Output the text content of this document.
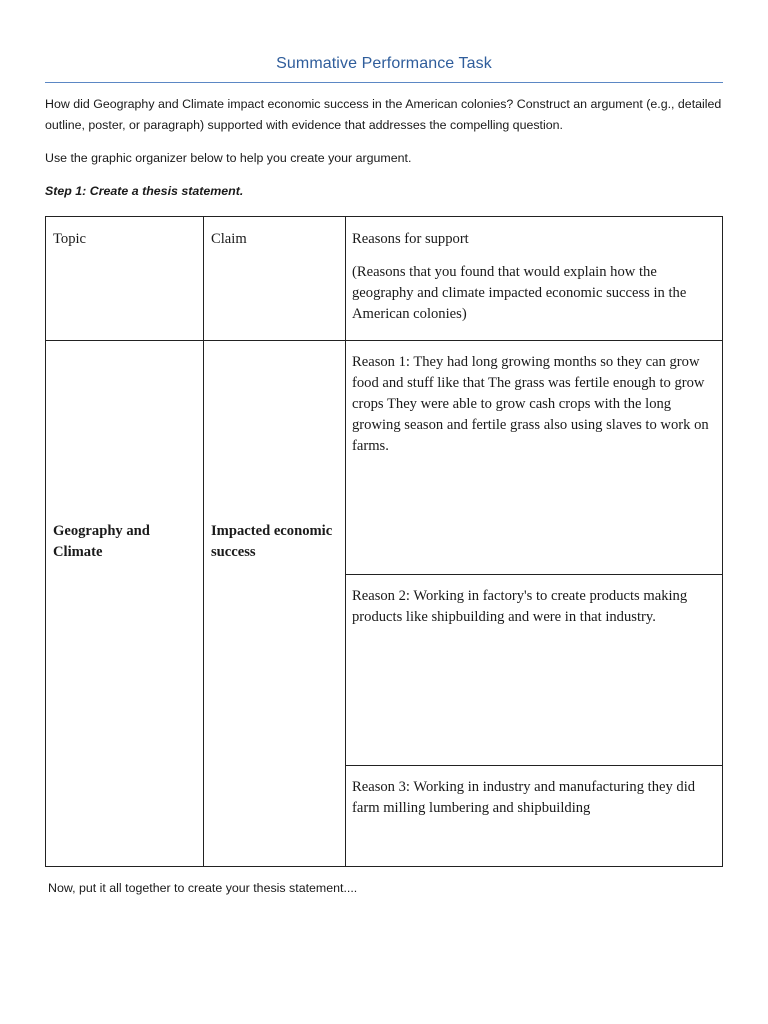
Summative Performance Task

How did Geography and Climate impact economic success in the American colonies? Construct an argument (e.g., detailed outline, poster, or paragraph) supported with evidence that addresses the compelling question.

Use the graphic organizer below to help you create your argument.

Step 1: Create a thesis statement.

Topic	Claim	Reasons for support

(Reasons that you found that would explain how the geography and climate impacted economic success in the American colonies)

Geography and Climate

Impacted economic success

Reason 1: They had long growing months so they can grow food and stuff like that The grass was fertile enough to grow crops They were able to grow cash crops with the long growing season and fertile grass also using slaves to work on farms.

Reason 2: Working in factory's to create products making products like shipbuilding and were in that industry.

Reason 3: Working in industry and manufacturing they did farm milling lumbering and shipbuilding

Now, put it all together to create your thesis statement....
